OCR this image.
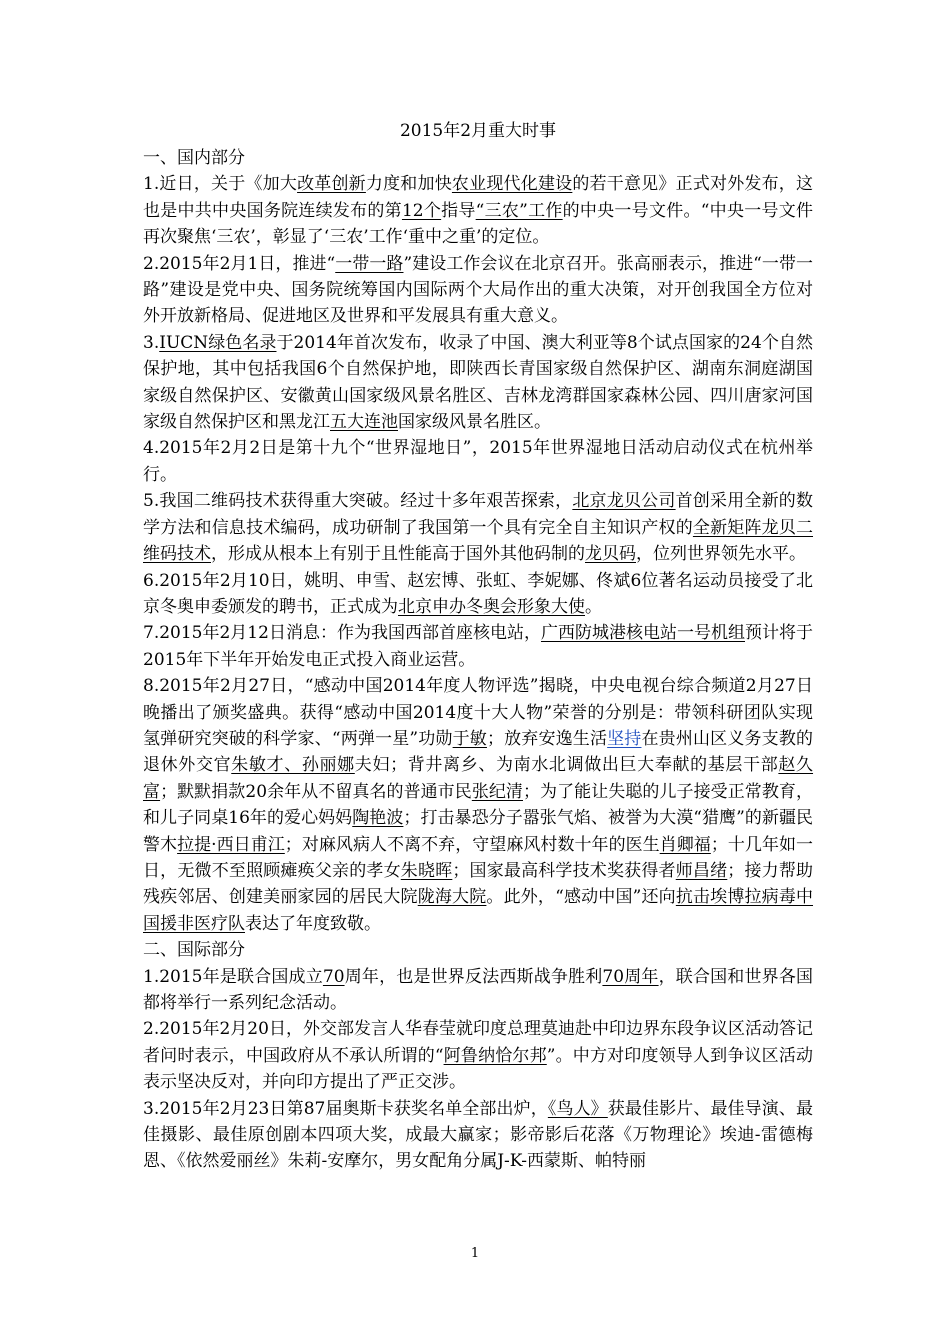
2015年2月重大时事

一、国内部分

1.近日，关于《加大改革创新力度和加快农业现代化建设的若干意见》正式对外发布，这也是中共中央国务院连续发布的第12个指导“三农”工作的中央一号文件。“中央一号文件再次聚焦‘三农’，彰显了‘三农’工作‘重中之重’的定位。

2.2015年2月1日，推进“一带一路”建设工作会议在北京召开。张高丽表示，推进“一带一路”建设是党中央、国务院统筹国内国际两个大局作出的重大决策，对开创我国全方位对外开放新格局、促进地区及世界和平发展具有重大意义。

3.IUCN绿色名录于2014年首次发布，收录了中国、澳大利亚等8个试点国家的24个自然保护地，其中包括我国6个自然保护地，即陕西长青国家级自然保护区、湖南东洞庭湖国家级自然保护区、安徽黄山国家级风景名胜区、吉林龙湾群国家森林公园、四川唐家河国家级自然保护区和黑龙江五大连池国家级风景名胜区。

4.2015年2月2日是第十九个“世界湿地日”，2015年世界湿地日活动启动仪式在杭州举行。

5.我国二维码技术获得重大突破。经过十多年艰苦探索，北京龙贝公司首创采用全新的数学方法和信息技术编码，成功研制了我国第一个具有完全自主知识产权的全新矩阵龙贝二维码技术，形成从根本上有别于且性能高于国外其他码制的龙贝码，位列世界领先水平。

6.2015年2月10日，姚明、申雪、赵宏博、张虹、李妮娜、佟斌6位著名运动员接受了北京冬奥申委颁发的聘书，正式成为北京申办冬奥会形象大使。

7.2015年2月12日消息：作为我国西部首座核电站，广西防城港核电站一号机组预计将于2015年下半年开始发电正式投入商业运营。

8.2015年2月27日，“感动中国2014年度人物评选”揭晓，中央电视台综合频道2月27日晚播出了颁奖盛典。获得“感动中国2014度十大人物”荣誉的分别是：带领科研团队实现氢弹研究突破的科学家、“两弹一星”功勋于敏；放弃安逸生活坚持在贵州山区义务支教的退休外交官朱敏才、孙丽娜夫妇；背井离乡、为南水北调做出巨大奉献的基层干部赵久富；默默捐款20余年从不留真名的普通市民张纪清；为了能让失聪的儿子接受正常教育，和儿子同桌16年的爱心妈妈陶艳波；打击暴恐分子嚣张气焰、被誉为大漠“猎鹰”的新疆民警木拉提·西日甫江；对麻风病人不离不弃，守望麻风村数十年的医生肖卿福；十几年如一日，无微不至照顾瘫痪父亲的孝女朱晓晖；国家最高科学技术奖获得者师昌绪；接力帮助残疾邻居、创建美丽家园的居民大院陇海大院。此外，“感动中国”还向抗击埃博拉病毒中国援非医疗队表达了年度致敬。

二、国际部分

1.2015年是联合国成立70周年，也是世界反法西斯战争胜利70周年，联合国和世界各国都将举行一系列纪念活动。

2.2015年2月20日，外交部发言人华春莹就印度总理莫迪赴中印边界东段争议区活动答记者问时表示，中国政府从不承认所谓的“阿鲁纳恰尔邦”。中方对印度领导人到争议区活动表示坚决反对，并向印方提出了严正交涉。

3.2015年2月23日第87届奥斯卡获奖名单全部出炉，《鸟人》获最佳影片、最佳导演、最佳摄影、最佳原创剧本四项大奖，成最大赢家；影帝影后花落《万物理论》埃迪-雷德梅恩、《依然爱丽丝》朱莉-安摩尔，男女配角分属J-K-西蒙斯、帕特丽

1
